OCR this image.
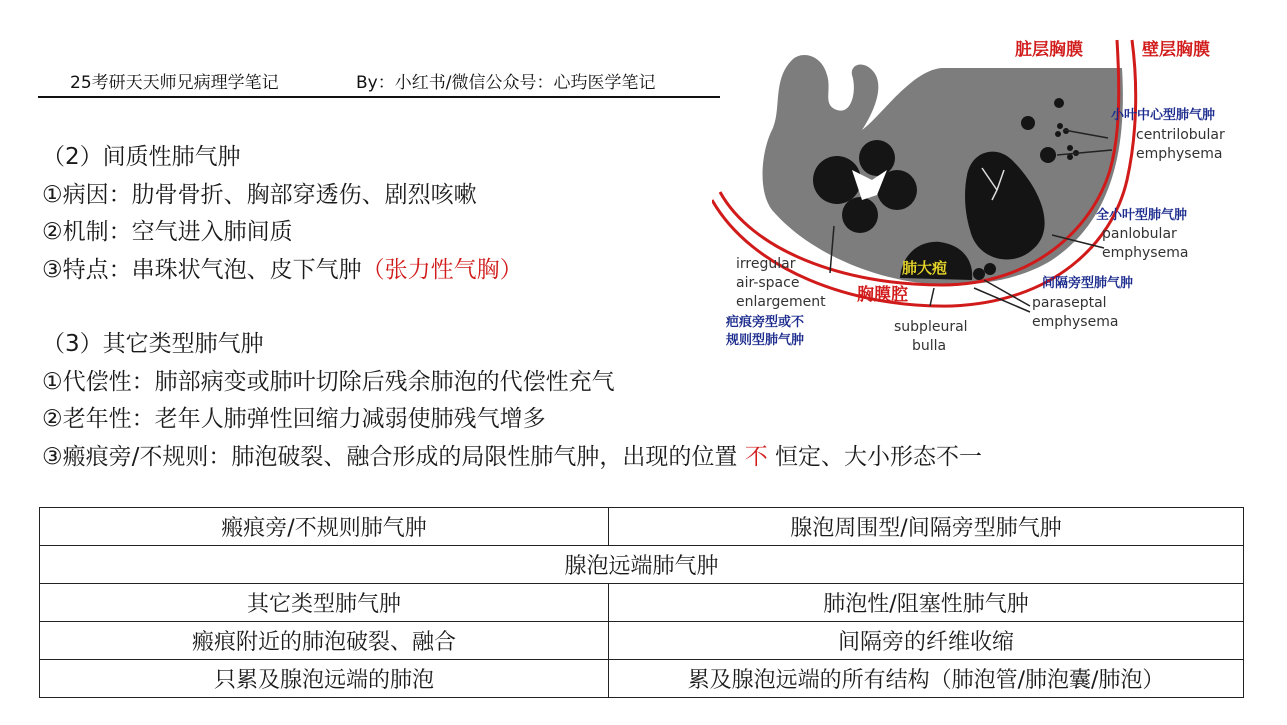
25考研天天师兄病理学笔记	By：小红书/微信公众号：心玙医学笔记
（2）间质性肺气肿
①病因：肋骨骨折、胸部穿透伤、剧烈咳嗽
②机制：空气进入肺间质
③特点：串珠状气泡、皮下气肿（张力性气胸）
（3）其它类型肺气肿
①代偿性：肺部病变或肺叶切除后残余肺泡的代偿性充气
②老年性：老年人肺弹性回缩力减弱使肺残气增多
③瘢痕旁/不规则：肺泡破裂、融合形成的局限性肺气肿，出现的位置 不 恒定、大小形态不一
脏层胸膜	壁层胸膜
胸膜腔
肺大疱
小叶中心型肺气肿
centrilobular
emphysema
全小叶型肺气肿
panlobular
emphysema
间隔旁型肺气肿
paraseptal
emphysema
irregular
air-space
enlargement
疤痕旁型或不
规则型肺气肿
subpleural
bulla
瘢痕旁/不规则肺气肿	腺泡周围型/间隔旁型肺气肿
腺泡远端肺气肿	
其它类型肺气肿	肺泡性/阻塞性肺气肿
瘢痕附近的肺泡破裂、融合	间隔旁的纤维收缩
只累及腺泡远端的肺泡	累及腺泡远端的所有结构（肺泡管/肺泡囊/肺泡）
